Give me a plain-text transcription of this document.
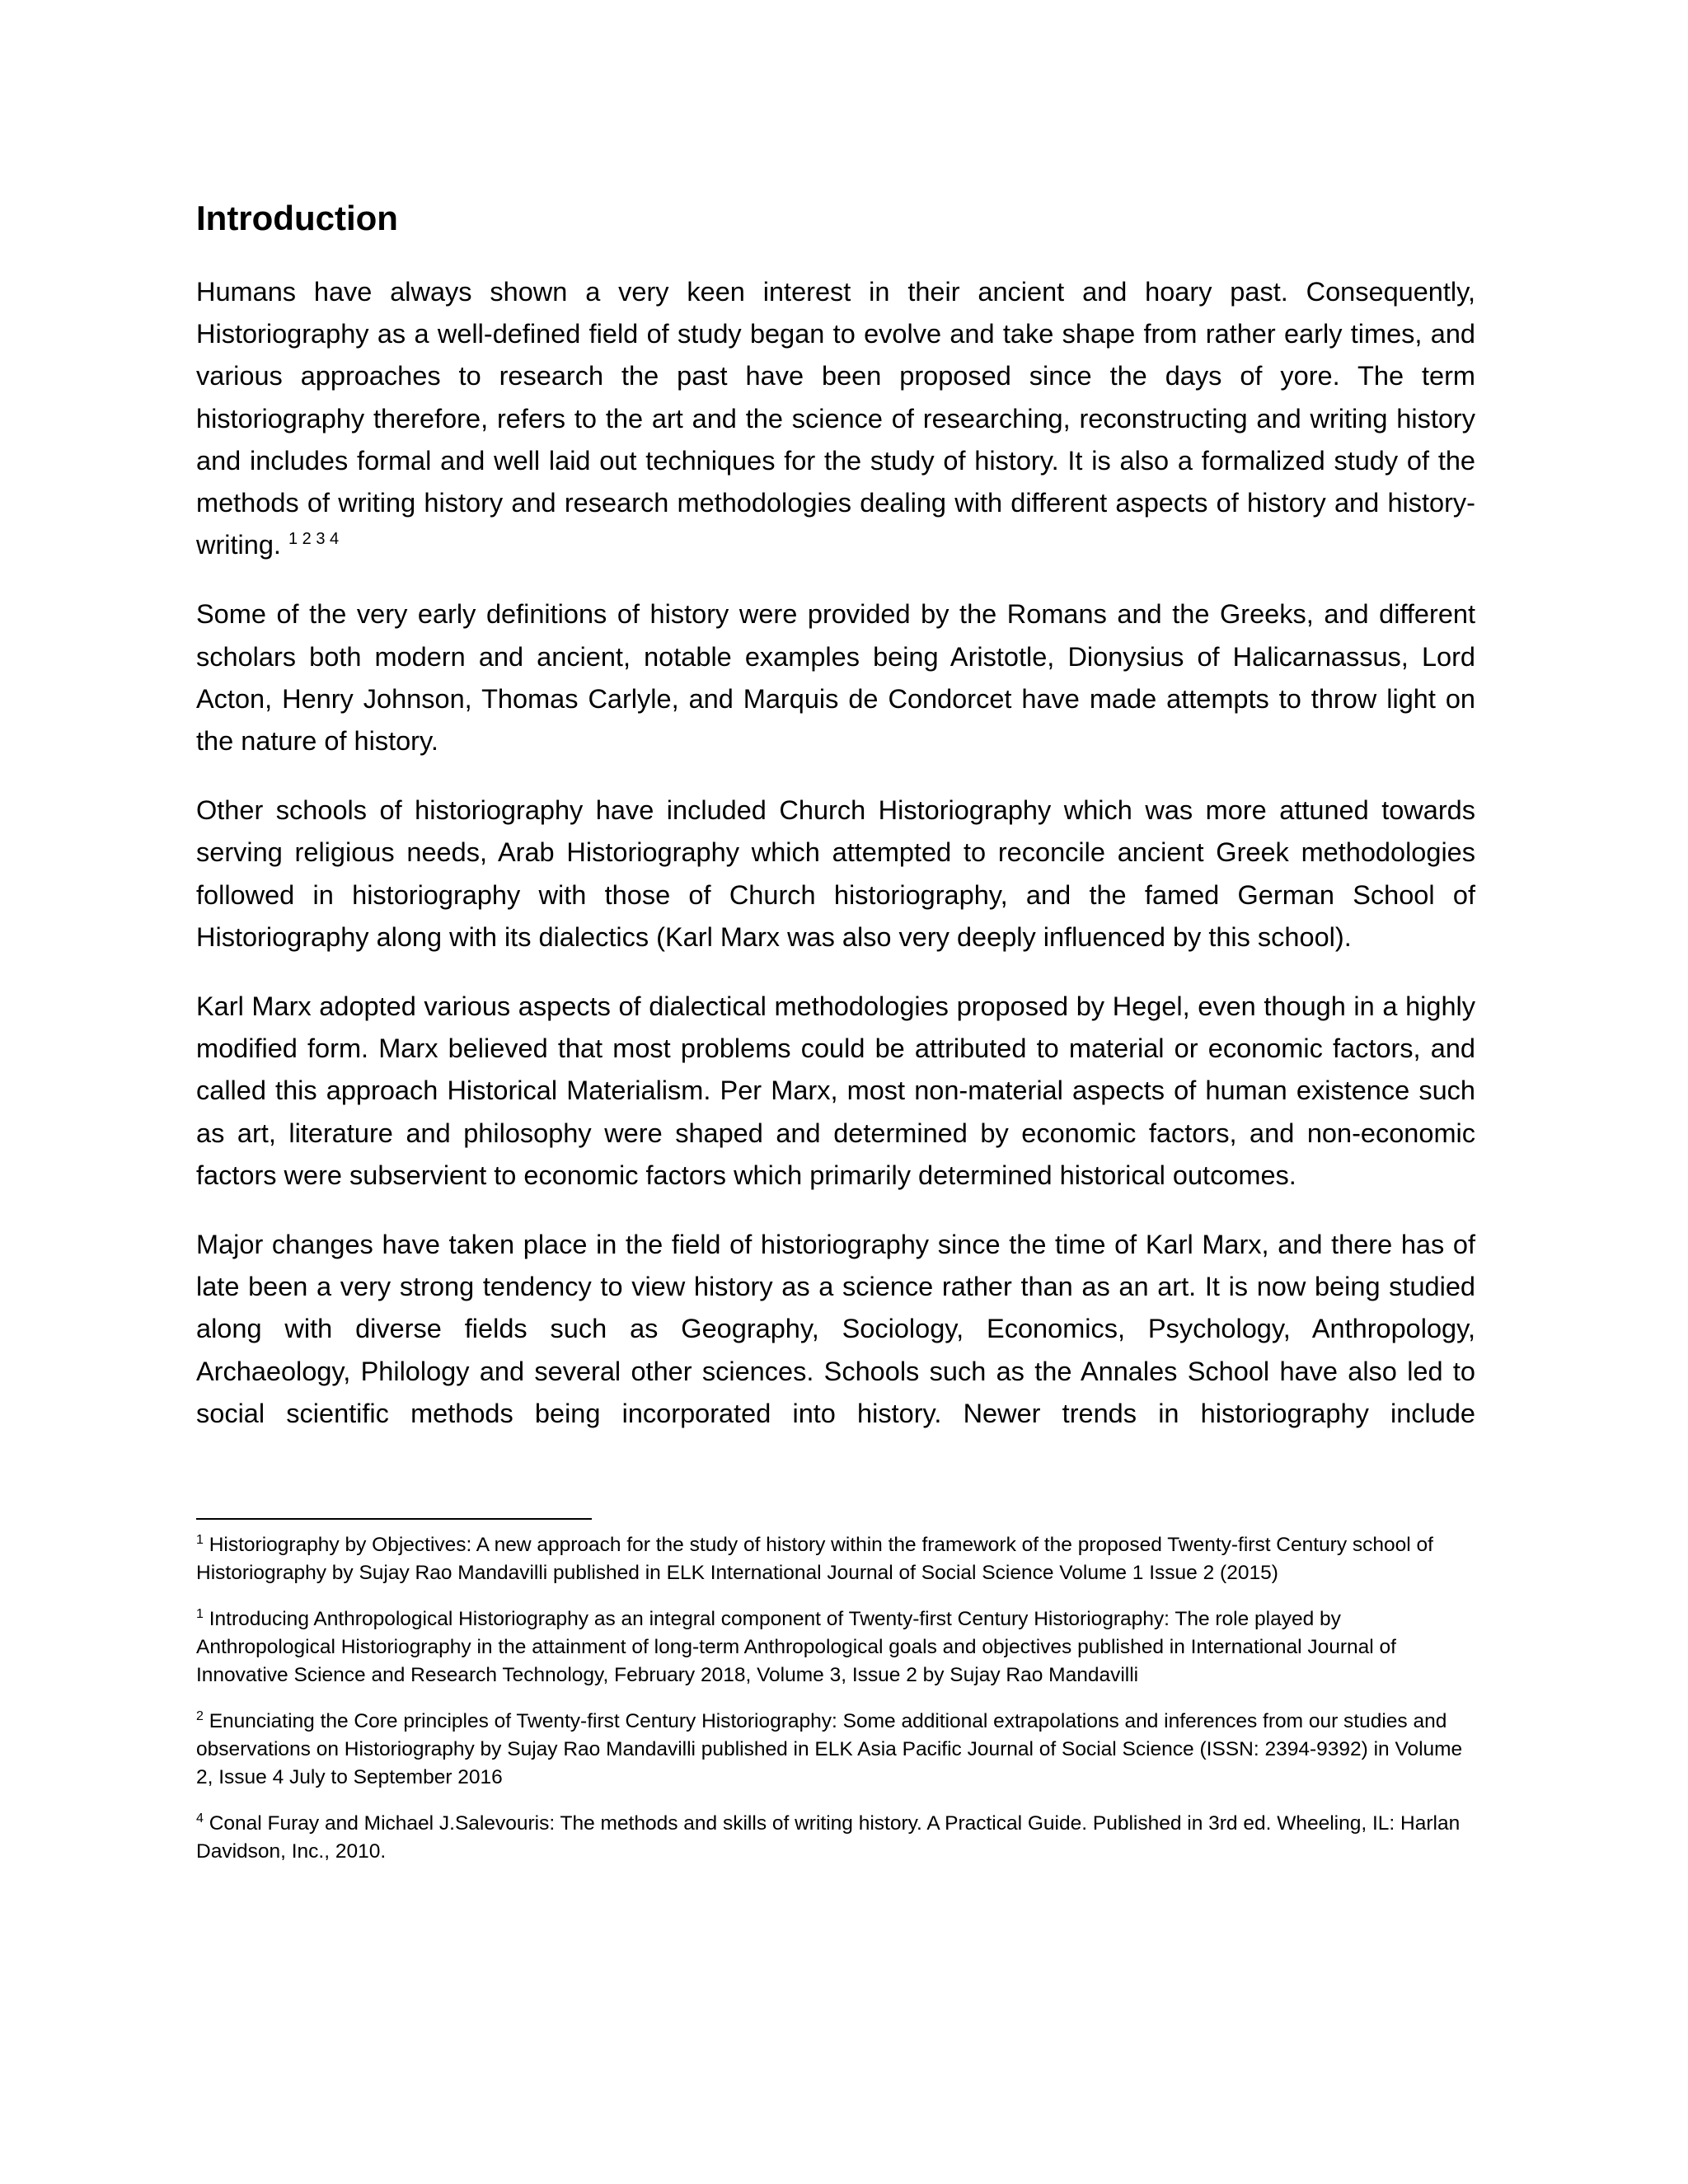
Introduction

Humans have always shown a very keen interest in their ancient and hoary past. Consequently, Historiography as a well-defined field of study began to evolve and take shape from rather early times, and various approaches to research the past have been proposed since the days of yore. The term historiography therefore, refers to the art and the science of researching, reconstructing and writing history and includes formal and well laid out techniques for the study of history. It is also a formalized study of the methods of writing history and research methodologies dealing with different aspects of history and history-writing. $^{1 2 3 4}$

Some of the very early definitions of history were provided by the Romans and the Greeks, and different scholars both modern and ancient, notable examples being Aristotle, Dionysius of Halicarnassus, Lord Acton, Henry Johnson, Thomas Carlyle, and Marquis de Condorcet have made attempts to throw light on the nature of history.

Other schools of historiography have included Church Historiography which was more attuned towards serving religious needs, Arab Historiography which attempted to reconcile ancient Greek methodologies followed in historiography with those of Church historiography, and the famed German School of Historiography along with its dialectics (Karl Marx was also very deeply influenced by this school).

Karl Marx adopted various aspects of dialectical methodologies proposed by Hegel, even though in a highly modified form. Marx believed that most problems could be attributed to material or economic factors, and called this approach Historical Materialism. Per Marx, most non-material aspects of human existence such as art, literature and philosophy were shaped and determined by economic factors, and non-economic factors were subservient to economic factors which primarily determined historical outcomes.

Major changes have taken place in the field of historiography since the time of Karl Marx, and there has of late been a very strong tendency to view history as a science rather than as an art. It is now being studied along with diverse fields such as Geography, Sociology, Economics, Psychology, Anthropology, Archaeology, Philology and several other sciences. Schools such as the Annales School have also led to social scientific methods being incorporated into history. Newer trends in historiography include

$^1$ Historiography by Objectives: A new approach for the study of history within the framework of the proposed Twenty-first Century school of Historiography by Sujay Rao Mandavilli published in ELK International Journal of Social Science Volume 1 Issue 2 (2015)

$^1$ Introducing Anthropological Historiography as an integral component of Twenty-first Century Historiography: The role played by Anthropological Historiography in the attainment of long-term Anthropological goals and objectives published in International Journal of Innovative Science and Research Technology, February 2018, Volume 3, Issue 2 by Sujay Rao Mandavilli

$^2$ Enunciating the Core principles of Twenty-first Century Historiography: Some additional extrapolations and inferences from our studies and observations on Historiography by Sujay Rao Mandavilli published in ELK Asia Pacific Journal of Social Science (ISSN: 2394-9392) in Volume 2, Issue 4 July to September 2016

$^4$ Conal Furay and Michael J.Salevouris: The methods and skills of writing history. A Practical Guide. Published in 3rd ed. Wheeling, IL: Harlan Davidson, Inc., 2010.
